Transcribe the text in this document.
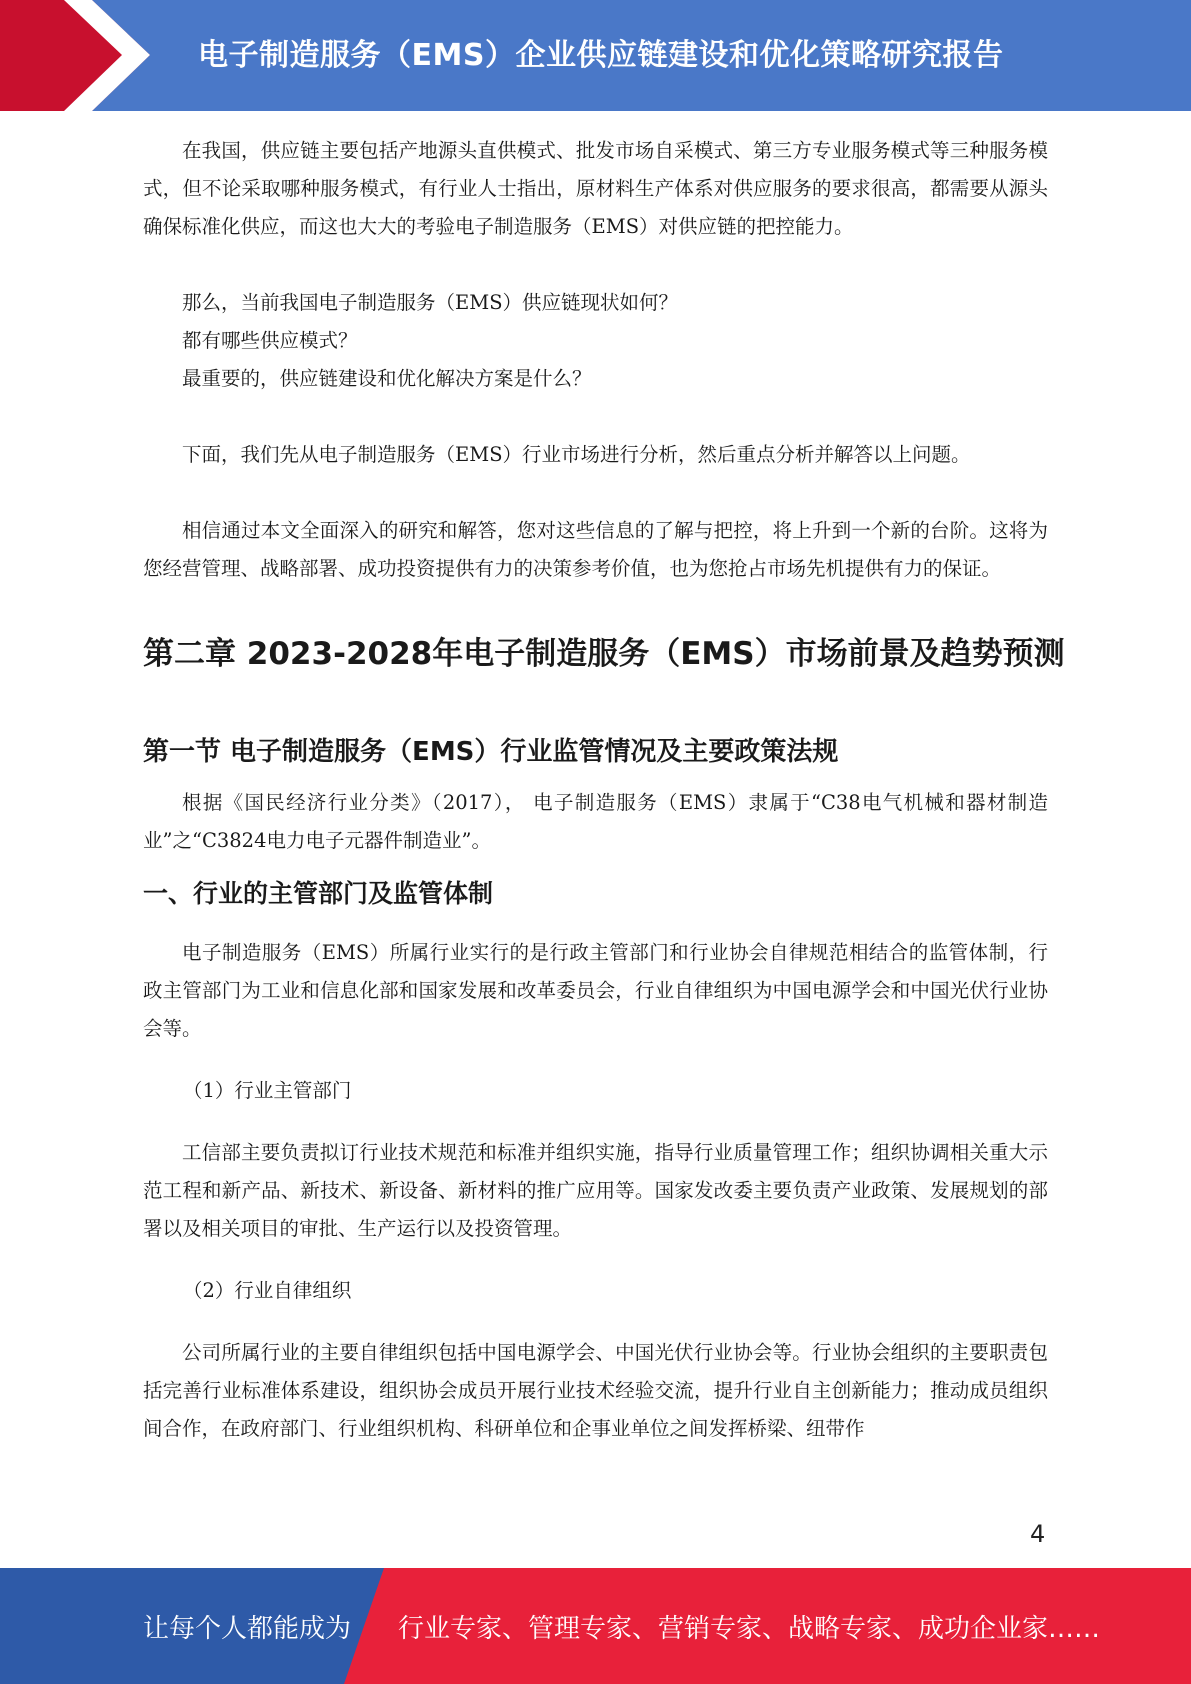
电子制造服务（EMS）企业供应链建设和优化策略研究报告

在我国，供应链主要包括产地源头直供模式、批发市场自采模式、第三方专业服务模式等三种服务模式，但不论采取哪种服务模式，有行业人士指出，原材料生产体系对供应服务的要求很高，都需要从源头确保标准化供应，而这也大大的考验电子制造服务（EMS）对供应链的把控能力。

那么，当前我国电子制造服务（EMS）供应链现状如何？

都有哪些供应模式？

最重要的，供应链建设和优化解决方案是什么？

下面，我们先从电子制造服务（EMS）行业市场进行分析，然后重点分析并解答以上问题。

相信通过本文全面深入的研究和解答，您对这些信息的了解与把控，将上升到一个新的台阶。这将为您经营管理、战略部署、成功投资提供有力的决策参考价值，也为您抢占市场先机提供有力的保证。

第二章 2023-2028年电子制造服务（EMS）市场前景及趋势预测
第一节 电子制造服务（EMS）行业监管情况及主要政策法规

根据《国民经济行业分类》（2017）， 电子制造服务（EMS）隶属于“C38电气机械和器材制造业”之“C3824电力电子元器件制造业”。

一、行业的主管部门及监管体制

电子制造服务（EMS）所属行业实行的是行政主管部门和行业协会自律规范相结合的监管体制，行政主管部门为工业和信息化部和国家发展和改革委员会，行业自律组织为中国电源学会和中国光伏行业协会等。

（1）行业主管部门

工信部主要负责拟订行业技术规范和标准并组织实施，指导行业质量管理工作；组织协调相关重大示范工程和新产品、新技术、新设备、新材料的推广应用等。国家发改委主要负责产业政策、发展规划的部署以及相关项目的审批、生产运行以及投资管理。

（2）行业自律组织

公司所属行业的主要自律组织包括中国电源学会、中国光伏行业协会等。行业协会组织的主要职责包括完善行业标准体系建设，组织协会成员开展行业技术经验交流，提升行业自主创新能力；推动成员组织间合作，在政府部门、行业组织机构、科研单位和企事业单位之间发挥桥梁、纽带作

4
让每个人都能成为 行业专家、管理专家、营销专家、战略专家、成功企业家……
